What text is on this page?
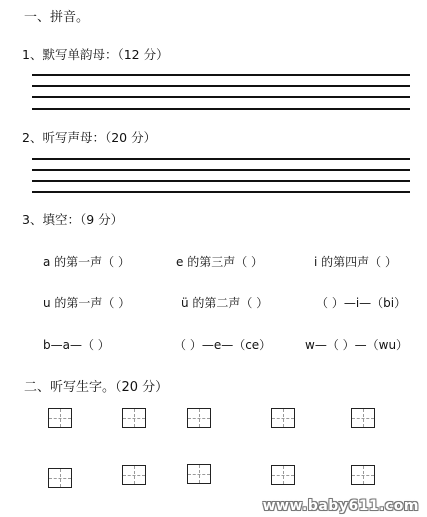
一、拼音。
1、默写单韵母：（12 分）
2、听写声母：（20 分）
3、填空：（9 分）
a 的第一声（ ）	e 的第三声（ ）	i 的第四声（ ）
u 的第一声（ ）	ü 的第二声（ ）	（ ）—i—（bi）
b—a—（ ）	（ ）—e—（ce）	w—（ ）—（wu）
二、听写生字。（20 分）
www.baby611.com
